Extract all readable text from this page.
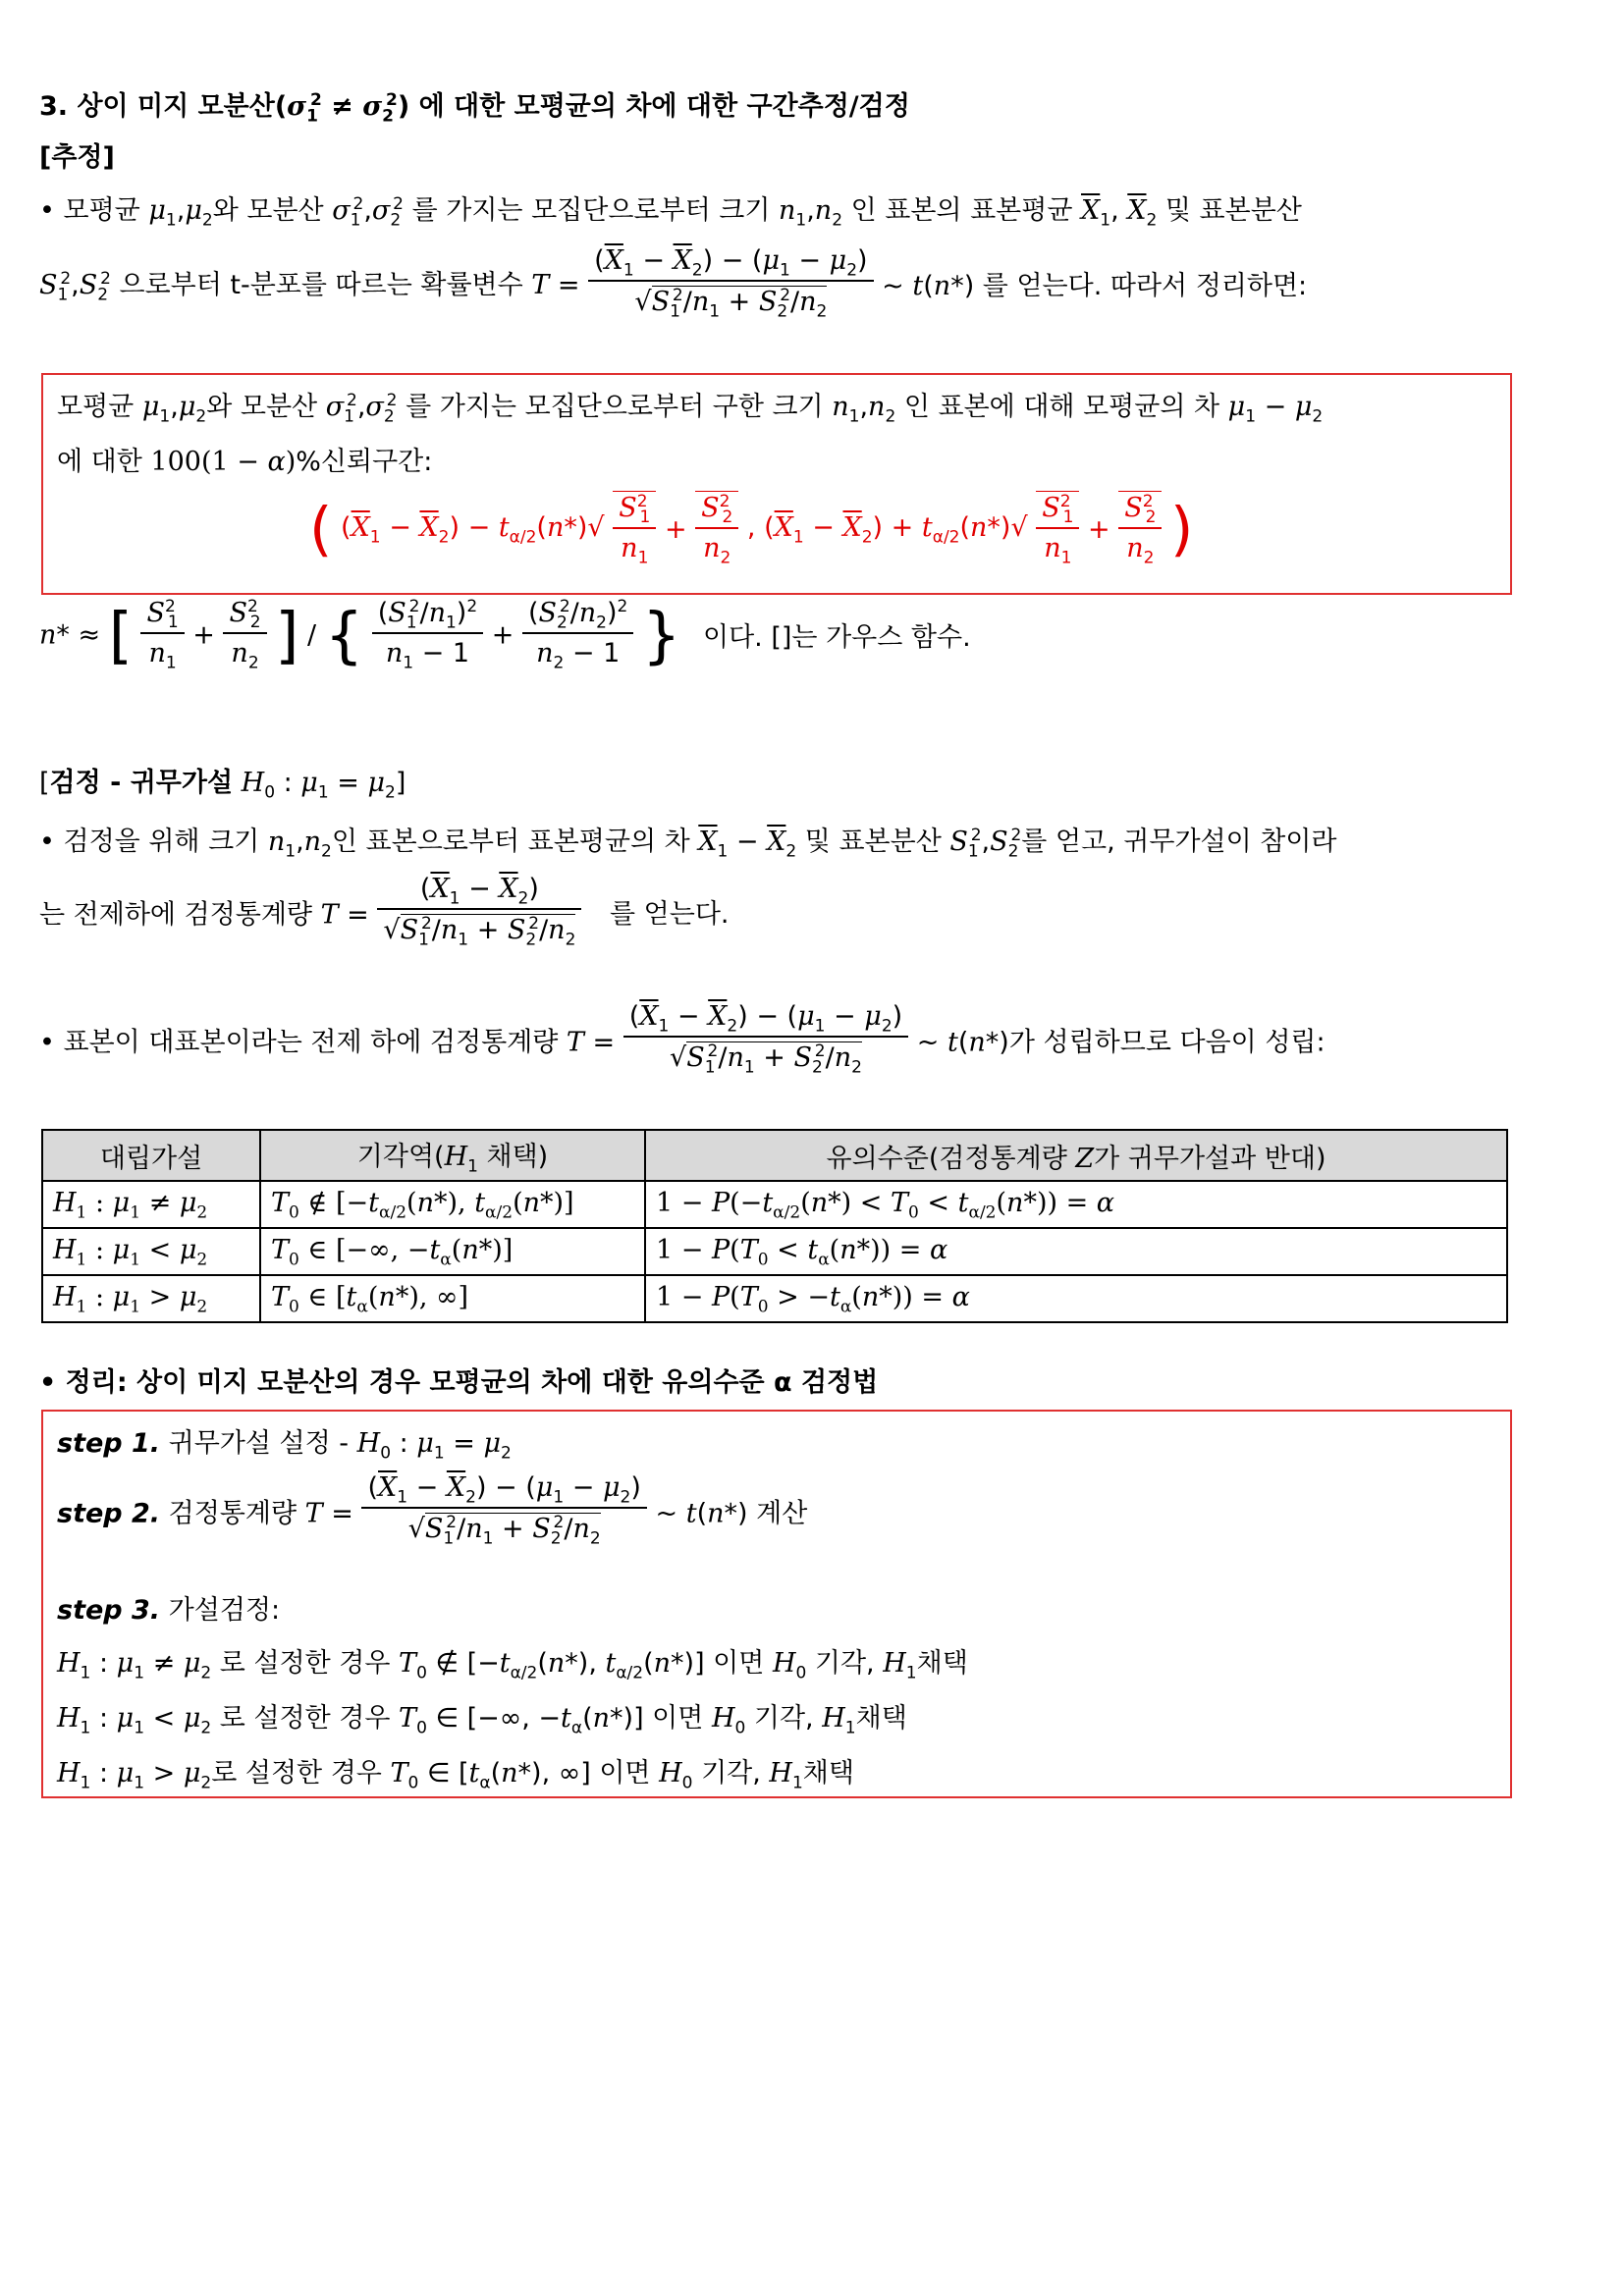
3. 상이 미지 모분산$(\sigma_1^2 \ne \sigma_2^2)$ 에 대한 모평균의 차에 대한 구간추정/검정
[추정]
• 모평균 $\mu_1,\mu_2$와 모분산 $\sigma_1^2,\sigma_2^2$ 를 가지는 모집단으로부터 크기 $n_1,n_2$ 인 표본의 표본평균 $\overline{X}_1$, $\overline{X}_2$ 및 표본분산
$S_1^2,S_2^2$ 으로부터 t-분포를 따르는 확률변수 $T = \frac{(\overline{X}_1 - \overline{X}_2) - (\mu_1 - \mu_2)}{√S_1^2/n_1 + S_2^2/n_2}$ ~ t(n*) 를 얻는다. 따라서 정리하면:
모평균 $\mu_1,\mu_2$와 모분산 $\sigma_1^2,\sigma_2^2$ 를 가지는 모집단으로부터 구한 크기 $n_1,n_2$ 인 표본에 대해 모평균의 차 $\mu_1 - \mu_2$
에 대한 100(1 − α)%신뢰구간:
( $(\overline{X}_1 - \overline{X}_2) - t_{\alpha/2}(n*)√ \frac{S^2_1}{n_1} + \frac{S^2_2}{n_2}$ , $(\overline{X}_1 - \overline{X}_2) + t_{\alpha/2}(n*)√ \frac{S^2_1}{n_1} + \frac{S^2_2}{n_2}$ )
n* ≈ [ $\frac{S^2_1}{n_1} + \frac{S^2_2}{n_2}$ ] / { $\frac{(S_1^2/n_1)^2}{n_1 - 1} + \frac{(S_2^2/n_2)^2}{n_2 - 1}$ } 이다. []는 가우스 함수.
[검정 - 귀무가설 $H_0$ : $\mu_1 = \mu_2$]
• 검정을 위해 크기 $n_1,n_2$인 표본으로부터 표본평균의 차 $\overline{X}_1 - \overline{X}_2$ 및 표본분산 $S_1^2,S_2^2$를 얻고, 귀무가설이 참이라
는 전제하에 검정통계량 $T = \frac{(\overline{X}_1 - \overline{X}_2)}{√S_1^2/n_1 + S_2^2/n_2}$ 를 얻는다.
• 표본이 대표본이라는 전제 하에 검정통계량 $T = \frac{(\overline{X}_1 - \overline{X}_2) - (\mu_1 - \mu_2)}{√S_1^2/n_1 + S_2^2/n_2}$ ~ t(n*)가 성립하므로 다음이 성립:
대립가설	기각역($H_1$ 채택)	유의수준(검정통계량 Z가 귀무가설과 반대)
$H_1$ : $\mu_1 \ne \mu_2$	$T_0$ ∉ [$-t_{\alpha/2}(n*)$, $t_{\alpha/2}(n*)$]	$1 - P(-t_{\alpha/2}(n*) < T_0 < t_{\alpha/2}(n*)) = \alpha$
$H_1$ : $\mu_1 < \mu_2$	$T_0$ ∈ [−∞, $-t_\alpha(n*)$]	$1 - P(T_0 < t_\alpha(n*)) = \alpha$
$H_1$ : $\mu_1 > \mu_2$	$T_0$ ∈ [$t_\alpha(n*)$, ∞]	$1 - P(T_0 > -t_\alpha(n*)) = \alpha$
• 정리: 상이 미지 모분산의 경우 모평균의 차에 대한 유의수준 α 검정법
step 1. 귀무가설 설정 - $H_0$ : $\mu_1 = \mu_2$
step 2. 검정통계량 $T = \frac{(\overline{X}_1 - \overline{X}_2) - (\mu_1 - \mu_2)}{√S_1^2/n_1 + S_2^2/n_2}$ ~ t(n*) 계산
step 3. 가설검정:
$H_1$ : $\mu_1 \ne \mu_2$ 로 설정한 경우 $T_0$ ∉ [$-t_{\alpha/2}(n*)$, $t_{\alpha/2}(n*)$] 이면 $H_0$ 기각, $H_1$채택
$H_1$ : $\mu_1 < \mu_2$ 로 설정한 경우 $T_0$ ∈ [−∞, $-t_\alpha(n*)$] 이면 $H_0$ 기각, $H_1$채택
$H_1$ : $\mu_1 > \mu_2$로 설정한 경우 $T_0$ ∈ [$t_\alpha(n*)$, ∞] 이면 $H_0$ 기각, $H_1$채택
